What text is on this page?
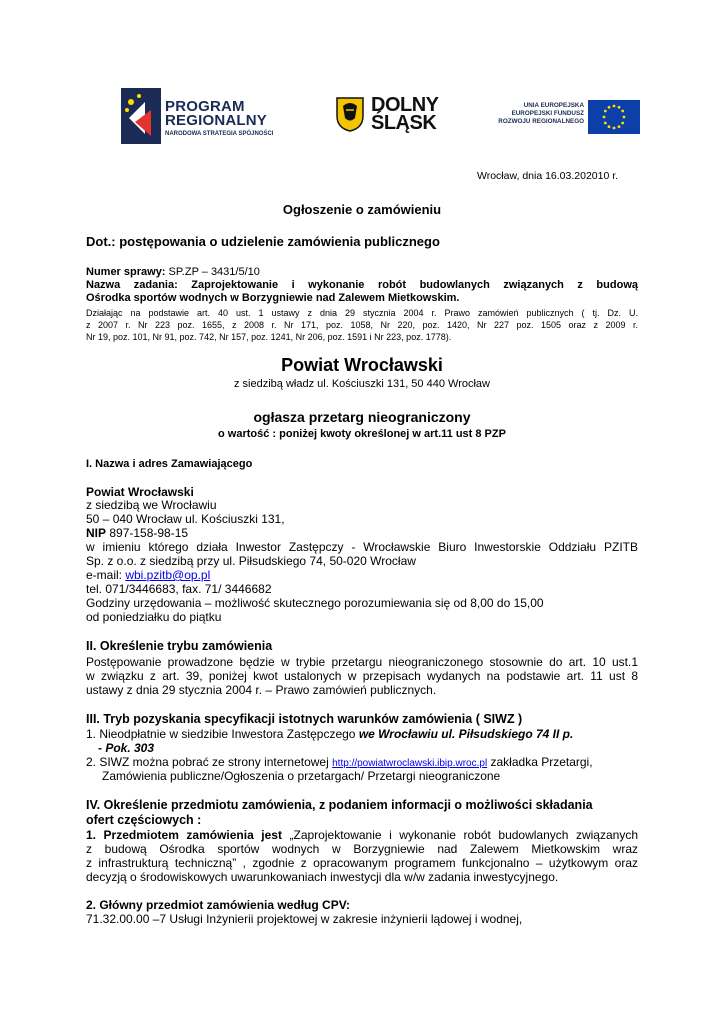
PROGRAM
REGIONALNY
NARODOWA STRATEGIA SPÓJNOŚCI
DOLNY
ŚLĄSK
UNIA EUROPEJSKA
EUROPEJSKI FUNDUSZ
ROZWOJU REGIONALNEGO
Wrocław, dnia 16.03.202010 r.
Ogłoszenie o zamówieniu
Dot.: postępowania o udzielenie zamówienia publicznego
Numer sprawy: SP.ZP – 3431/5/10
Nazwa zadania: Zaprojektowanie i wykonanie robót budowlanych związanych z budową
Ośrodka sportów wodnych w Borzygniewie nad Zalewem Mietkowskim.
Działając na podstawie art. 40 ust. 1 ustawy z dnia 29 stycznia 2004 r. Prawo zamówień publicznych ( tj. Dz. U.
z 2007 r. Nr 223 poz. 1655, z 2008 r. Nr 171, poz. 1058, Nr 220, poz. 1420, Nr 227 poz. 1505 oraz z 2009 r.
Nr 19, poz. 101, Nr 91, poz. 742, Nr 157, poz. 1241, Nr 206, poz. 1591 i Nr 223, poz. 1778).
Powiat Wrocławski
z siedzibą władz ul. Kościuszki 131, 50 440 Wrocław
ogłasza przetarg nieograniczony
o wartość : poniżej kwoty określonej w art.11 ust 8 PZP
I. Nazwa i adres Zamawiającego
Powiat Wrocławski
z siedzibą we Wrocławiu
50 – 040 Wrocław ul. Kościuszki 131,
NIP 897-158-98-15
w imieniu którego działa Inwestor Zastępczy - Wrocławskie Biuro Inwestorskie Oddziału PZITB
Sp. z o.o. z siedzibą przy ul. Piłsudskiego 74, 50-020 Wrocław
e-mail: wbi.pzitb@op.pl
tel. 071/3446683, fax. 71/ 3446682
Godziny urzędowania – możliwość skutecznego porozumiewania się od 8,00 do 15,00
od poniedziałku do piątku
II. Określenie trybu zamówienia
Postępowanie prowadzone będzie w trybie przetargu nieograniczonego stosownie do art. 10 ust.1
w związku z art. 39, poniżej kwot ustalonych w przepisach wydanych na podstawie art. 11 ust 8
ustawy z dnia 29 stycznia 2004 r. – Prawo zamówień publicznych.
III. Tryb pozyskania specyfikacji istotnych warunków zamówienia ( SIWZ )
1. Nieodpłatnie w siedzibie Inwestora Zastępczego we Wrocławiu ul. Piłsudskiego 74 II p.
- Pok. 303
2. SIWZ można pobrać ze strony internetowej http://powiatwroclawski.ibip.wroc.pl zakładka Przetargi,
Zamówienia publiczne/Ogłoszenia o przetargach/ Przetargi nieograniczone
IV. Określenie przedmiotu zamówienia, z podaniem informacji o możliwości składania
ofert częściowych :
1. Przedmiotem zamówienia jest „Zaprojektowanie i wykonanie robót budowlanych związanych
z budową Ośrodka sportów wodnych w Borzygniewie nad Zalewem Mietkowskim wraz
z infrastrukturą techniczną” , zgodnie z opracowanym programem funkcjonalno – użytkowym oraz
decyzją o środowiskowych uwarunkowaniach inwestycji dla w/w zadania inwestycyjnego.
2. Główny przedmiot zamówienia według CPV:
71.32.00.00 –7 Usługi Inżynierii projektowej w zakresie inżynierii lądowej i wodnej,
